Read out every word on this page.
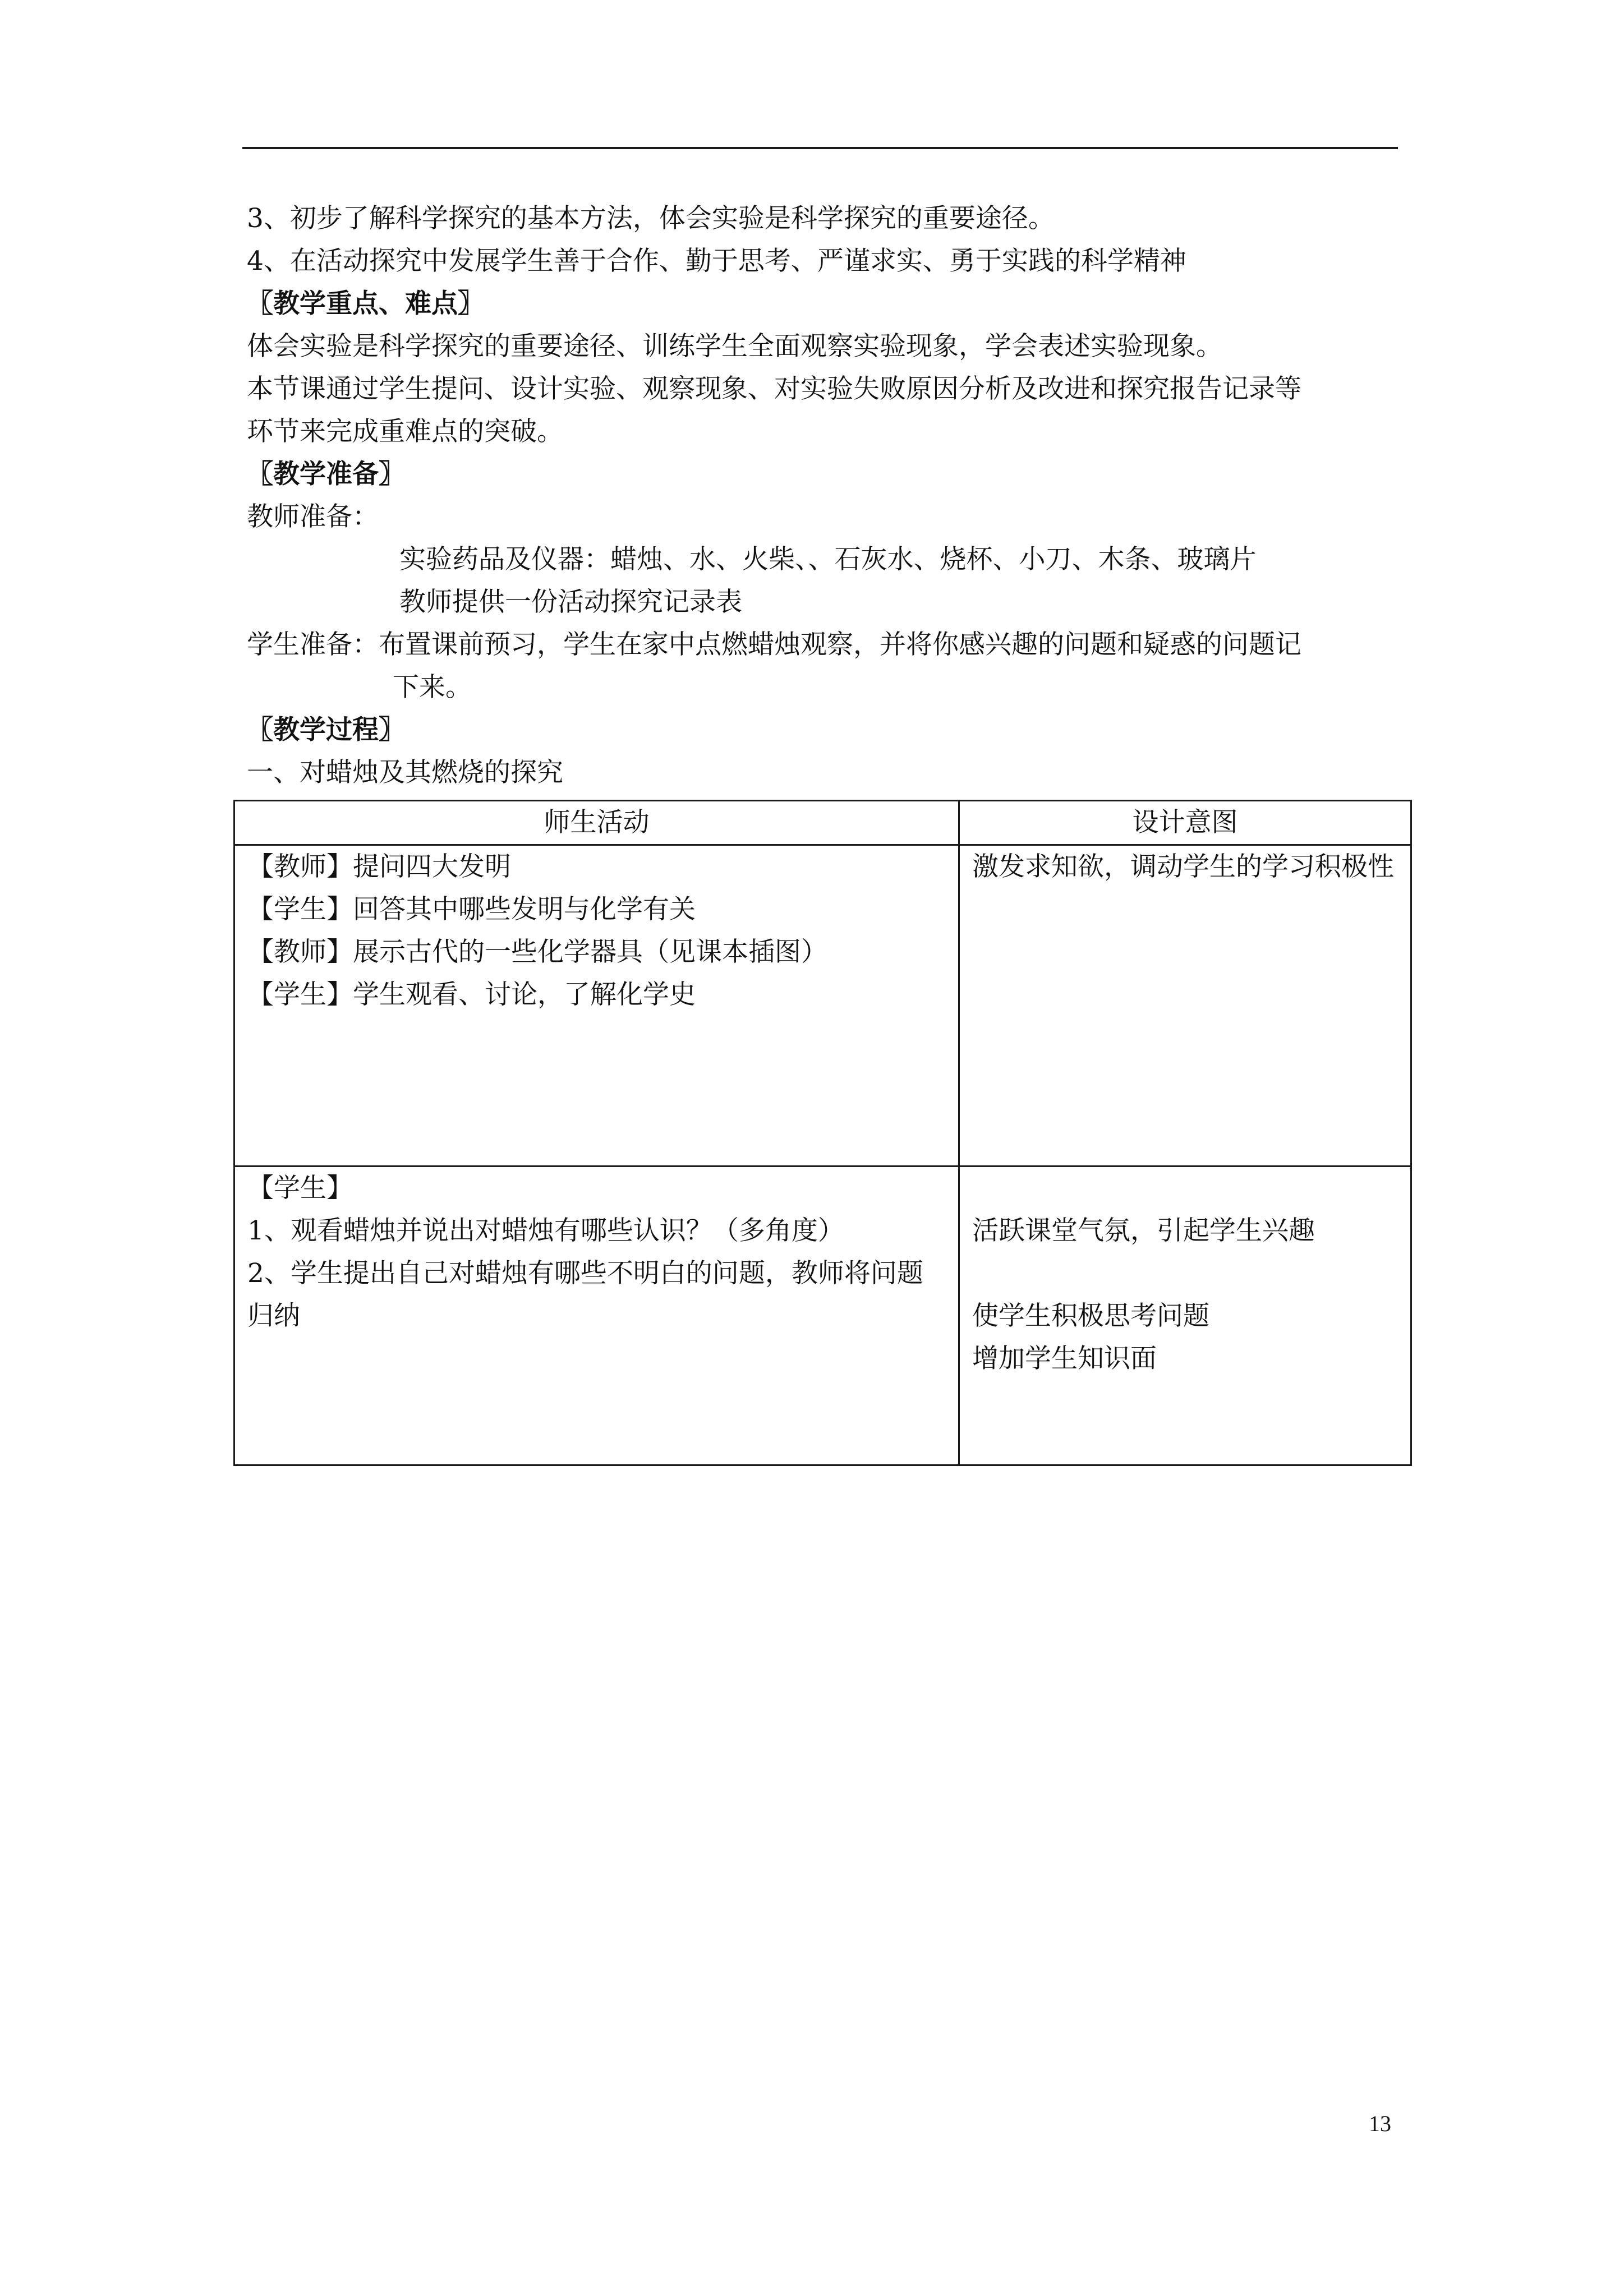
3、初步了解科学探究的基本方法，体会实验是科学探究的重要途径。
4、在活动探究中发展学生善于合作、勤于思考、严谨求实、勇于实践的科学精神
〖教学重点、难点〗
体会实验是科学探究的重要途径、训练学生全面观察实验现象，学会表述实验现象。
本节课通过学生提问、设计实验、观察现象、对实验失败原因分析及改进和探究报告记录等
环节来完成重难点的突破。
〖教学准备〗
教师准备：
实验药品及仪器：蜡烛、水、火柴、、石灰水、烧杯、小刀、木条、玻璃片
教师提供一份活动探究记录表
学生准备：布置课前预习，学生在家中点燃蜡烛观察，并将你感兴趣的问题和疑惑的问题记
下来。
〖教学过程〗
一、对蜡烛及其燃烧的探究
师生活动	设计意图

【教师】提问四大发明
【学生】回答其中哪些发明与化学有关
【教师】展示古代的一些化学器具（见课本插图）
【学生】学生观看、讨论，了解化学史	激发求知欲，调动学生的学习积极性

【学生】
1、观看蜡烛并说出对蜡烛有哪些认识？（多角度）
2、学生提出自己对蜡烛有哪些不明白的问题，教师将问题归纳	活跃课堂气氛，引起学生兴趣
使学生积极思考问题
增加学生知识面
13
